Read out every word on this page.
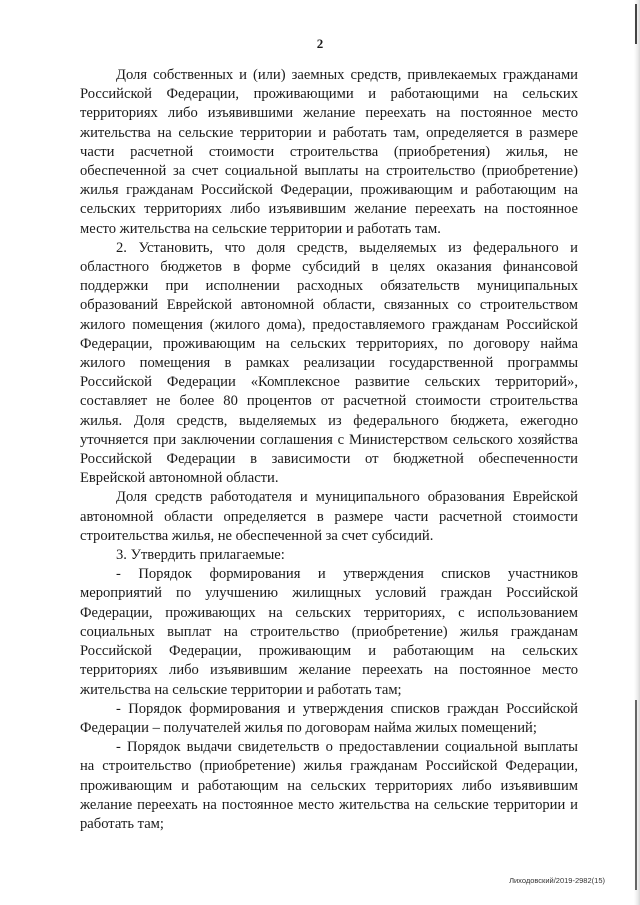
2

Доля собственных и (или) заемных средств, привлекаемых гражданами Российской Федерации, проживающими и работающими на сельских территориях либо изъявившими желание переехать на постоянное место жительства на сельские территории и работать там, определяется в размере части расчетной стоимости строительства (приобретения) жилья, не обеспеченной за счет социальной выплаты на строительство (приобретение) жилья гражданам Российской Федерации, проживающим и работающим на сельских территориях либо изъявившим желание переехать на постоянное место жительства на сельские территории и работать там.

2. Установить, что доля средств, выделяемых из федерального и областного бюджетов в форме субсидий в целях оказания финансовой поддержки при исполнении расходных обязательств муниципальных образований Еврейской автономной области, связанных со строительством жилого помещения (жилого дома), предоставляемого гражданам Российской Федерации, проживающим на сельских территориях, по договору найма жилого помещения в рамках реализации государственной программы Российской Федерации «Комплексное развитие сельских территорий», составляет не более 80 процентов от расчетной стоимости строительства жилья. Доля средств, выделяемых из федерального бюджета, ежегодно уточняется при заключении соглашения с Министерством сельского хозяйства Российской Федерации в зависимости от бюджетной обеспеченности Еврейской автономной области.

Доля средств работодателя и муниципального образования Еврейской автономной области определяется в размере части расчетной стоимости строительства жилья, не обеспеченной за счет субсидий.

3. Утвердить прилагаемые:

- Порядок формирования и утверждения списков участников мероприятий по улучшению жилищных условий граждан Российской Федерации, проживающих на сельских территориях, с использованием социальных выплат на строительство (приобретение) жилья гражданам Российской Федерации, проживающим и работающим на сельских территориях либо изъявившим желание переехать на постоянное место жительства на сельские территории и работать там;

- Порядок формирования и утверждения списков граждан Российской Федерации – получателей жилья по договорам найма жилых помещений;

- Порядок выдачи свидетельств о предоставлении социальной выплаты на строительство (приобретение) жилья гражданам Российской Федерации, проживающим и работающим на сельских территориях либо изъявившим желание переехать на постоянное место жительства на сельские территории и работать там;

Лиходовский/2019-2982(15)
